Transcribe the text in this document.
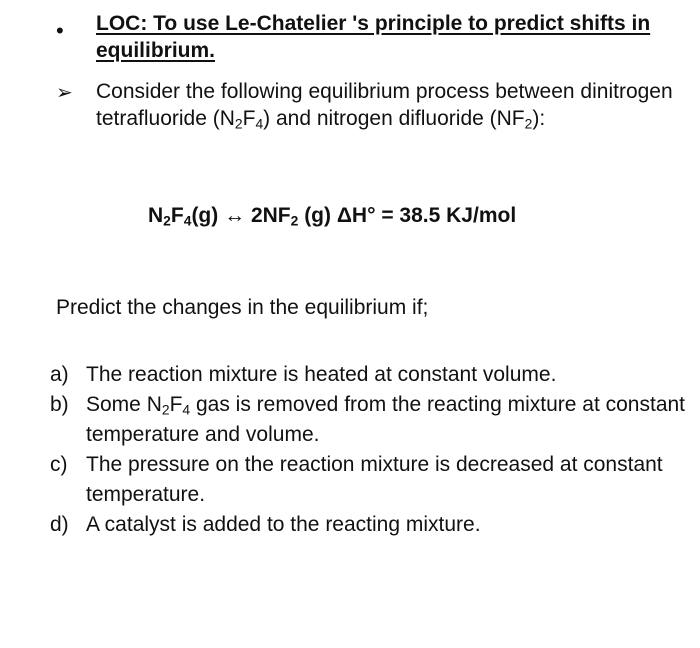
• LOC: To use Le-Chatelier 's principle to predict shifts in equilibrium.
➢ Consider the following equilibrium process between dinitrogen tetrafluoride $(N_2F_4)$ and nitrogen difluoride $(NF_2)$:
$N_2F_4(g)$ ↔ $2NF_2$ (g) ΔH° = 38.5 KJ/mol
Predict the changes in the equilibrium if;
a) The reaction mixture is heated at constant volume.
b) Some $N_2F_4$ gas is removed from the reacting mixture at constant temperature and volume.
c) The pressure on the reaction mixture is decreased at constant temperature.
d) A catalyst is added to the reacting mixture.
